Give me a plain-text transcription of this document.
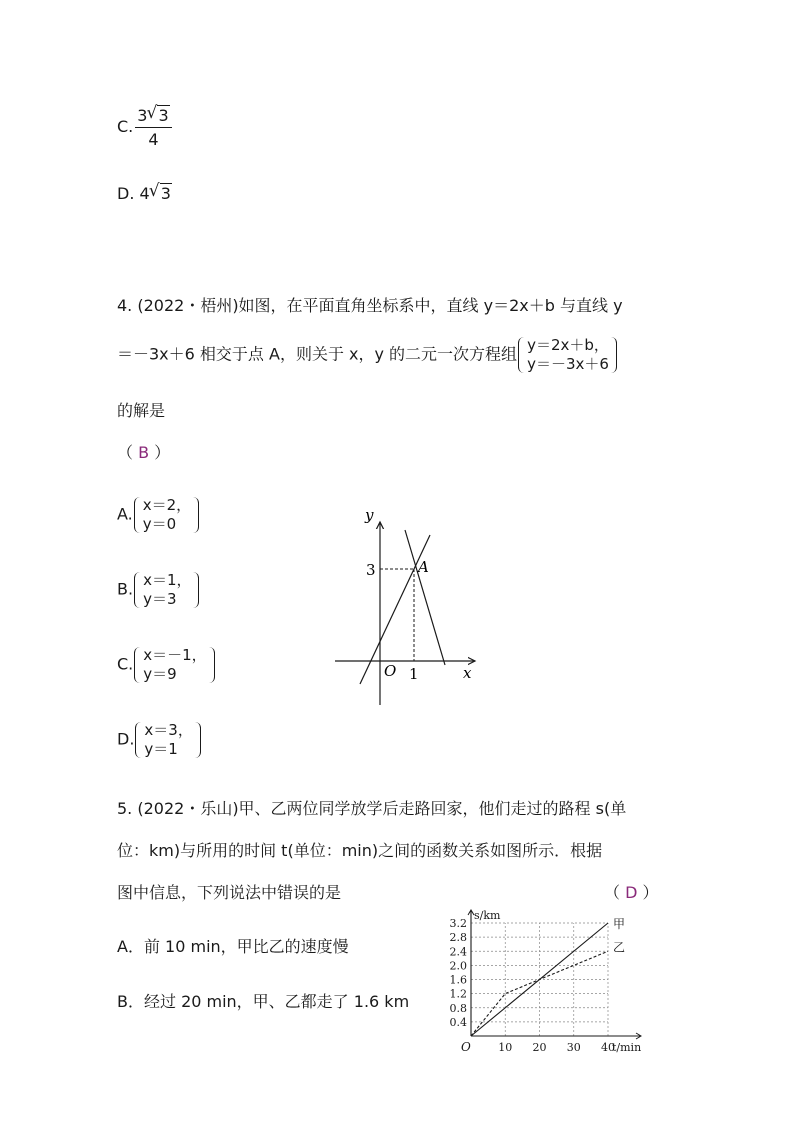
C. $\frac{3 √ 3}{4}$
D. 4 √ 3
4. (2022・梧州)如图，在平面直角坐标系中，直线 y＝2x＋b 与直线 y
＝－3x＋6 相交于点 A，则关于 x，y 的二元一次方程组 y＝2x＋b，
y＝－3x＋6
的解是
（ B ）
A. x＝2，
y＝0
B. x＝1，
y＝3
C. x＝－1，
y＝9
D. x＝3，
y＝1
y
x
O
A
1
3
5. (2022・乐山)甲、乙两位同学放学后走路回家，他们走过的路程 s(单
位：km)与所用的时间 t(单位：min)之间的函数关系如图所示．根据
图中信息，下列说法中错误的是	（ D ）
A．前 10 min，甲比乙的速度慢
B．经过 20 min，甲、乙都走了 1.6 km
0.4
0.8
1.2
1.6
2.0
2.4
2.8
3.2
10 20 30 40
O
s/km
t/min
甲
乙
